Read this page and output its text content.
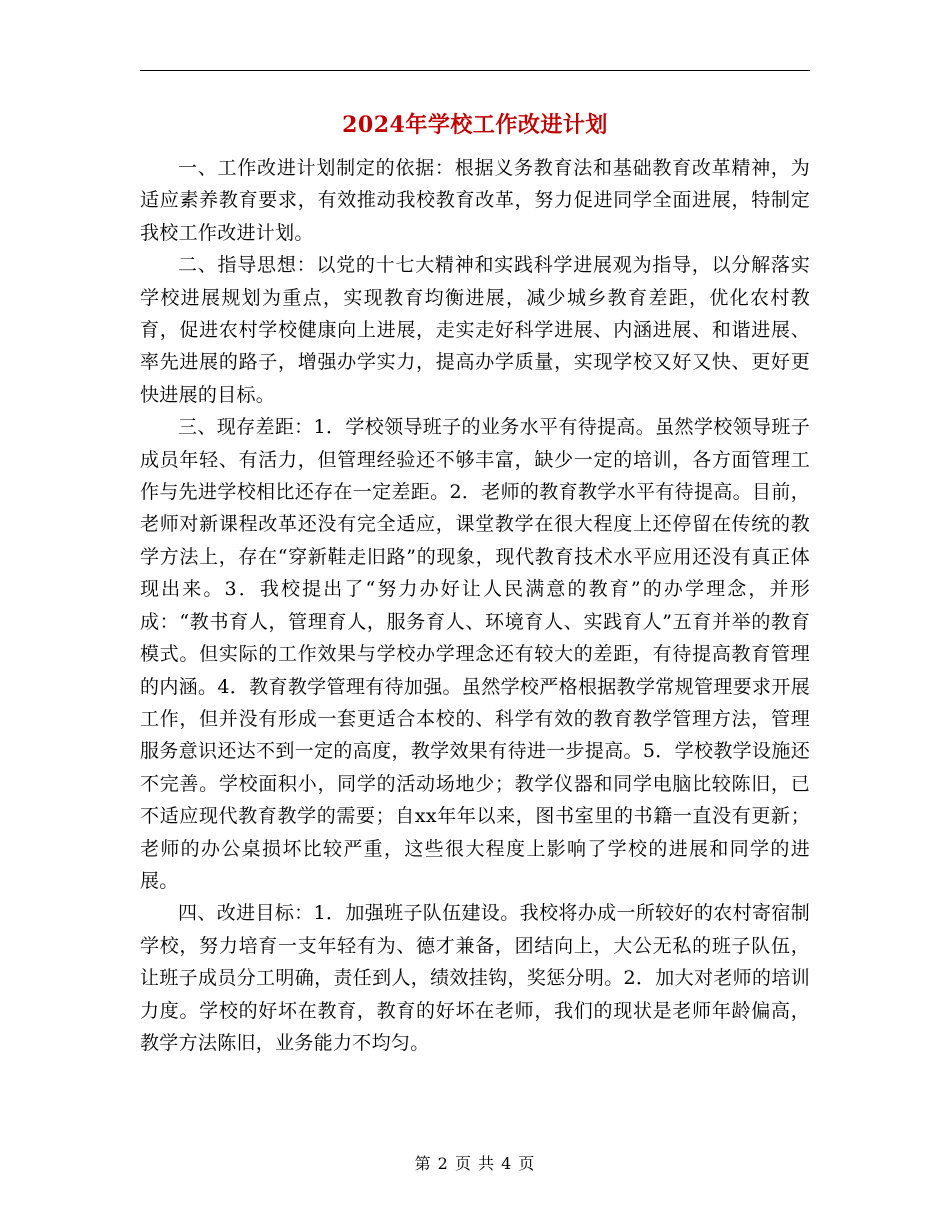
2024年学校工作改进计划

一、工作改进计划制定的依据：根据义务教育法和基础教育改革精神，为适应素养教育要求，有效推动我校教育改革，努力促进同学全面进展，特制定我校工作改进计划。

二、指导思想：以党的十七大精神和实践科学进展观为指导，以分解落实学校进展规划为重点，实现教育均衡进展，减少城乡教育差距，优化农村教育，促进农村学校健康向上进展，走实走好科学进展、内涵进展、和谐进展、率先进展的路子，增强办学实力，提高办学质量，实现学校又好又快、更好更快进展的目标。

三、现存差距：1．学校领导班子的业务水平有待提高。虽然学校领导班子成员年轻、有活力，但管理经验还不够丰富，缺少一定的培训，各方面管理工作与先进学校相比还存在一定差距。2．老师的教育教学水平有待提高。目前，老师对新课程改革还没有完全适应，课堂教学在很大程度上还停留在传统的教学方法上，存在“穿新鞋走旧路”的现象，现代教育技术水平应用还没有真正体现出来。3．我校提出了“努力办好让人民满意的教育”的办学理念，并形成：“教书育人，管理育人，服务育人、环境育人、实践育人”五育并举的教育模式。但实际的工作效果与学校办学理念还有较大的差距，有待提高教育管理的内涵。4．教育教学管理有待加强。虽然学校严格根据教学常规管理要求开展工作，但并没有形成一套更适合本校的、科学有效的教育教学管理方法，管理服务意识还达不到一定的高度，教学效果有待进一步提高。5．学校教学设施还不完善。学校面积小，同学的活动场地少；教学仪器和同学电脑比较陈旧，已不适应现代教育教学的需要；自xx年年以来，图书室里的书籍一直没有更新；老师的办公桌损坏比较严重，这些很大程度上影响了学校的进展和同学的进展。

四、改进目标：1．加强班子队伍建设。我校将办成一所较好的农村寄宿制学校，努力培育一支年轻有为、德才兼备，团结向上，大公无私的班子队伍，让班子成员分工明确，责任到人，绩效挂钩，奖惩分明。2．加大对老师的培训力度。学校的好坏在教育，教育的好坏在老师，我们的现状是老师年龄偏高，教学方法陈旧，业务能力不均匀。

第 2 页 共 4 页
